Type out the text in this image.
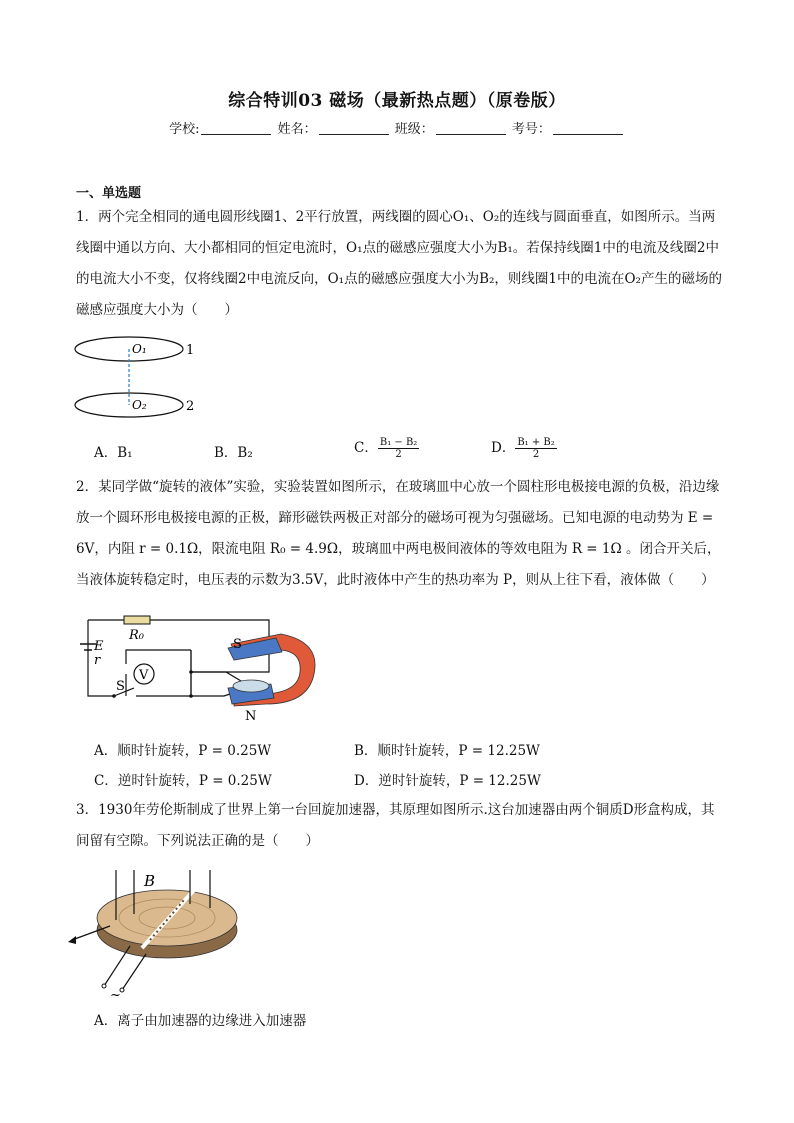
综合特训03 磁场（最新热点题）（原卷版）
学校:	姓名：	班级：	考号：
一、单选题
1．两个完全相同的通电圆形线圈1、2平行放置，两线圈的圆心O₁、O₂的连线与圆面垂直，如图所示。当两线圈中通以方向、大小都相同的恒定电流时，O₁点的磁感应强度大小为B₁。若保持线圈1中的电流及线圈2中的电流大小不变，仅将线圈2中电流反向，O₁点的磁感应强度大小为B₂，则线圈1中的电流在O₂产生的磁场的磁感应强度大小为（　　）
O₁
O₂
1
2
A．B₁	B．B₂	C． $\frac{\text{B₁ − B₂}}{2}$	D． $\frac{\text{B₁ + B₂}}{2}$
2．某同学做“旋转的液体”实验，实验装置如图所示，在玻璃皿中心放一个圆柱形电极接电源的负极，沿边缘放一个圆环形电极接电源的正极，蹄形磁铁两极正对部分的磁场可视为匀强磁场。已知电源的电动势为 E = 6V，内阻 r = 0.1Ω，限流电阻 R₀ = 4.9Ω，玻璃皿中两电极间液体的等效电阻为 R = 1Ω 。闭合开关后，当液体旋转稳定时，电压表的示数为3.5V，此时液体中产生的热功率为 P，则从上往下看，液体做（　　）
R₀
E
r
S
V
S
N
A．顺时针旋转，P = 0.25W	B．顺时针旋转，P = 12.25W
C．逆时针旋转，P = 0.25W	D．逆时针旋转，P = 12.25W
3．1930年劳伦斯制成了世界上第一台回旋加速器，其原理如图所示.这台加速器由两个铜质D形盒构成，其间留有空隙。下列说法正确的是（　　）
B
~
A．离子由加速器的边缘进入加速器
